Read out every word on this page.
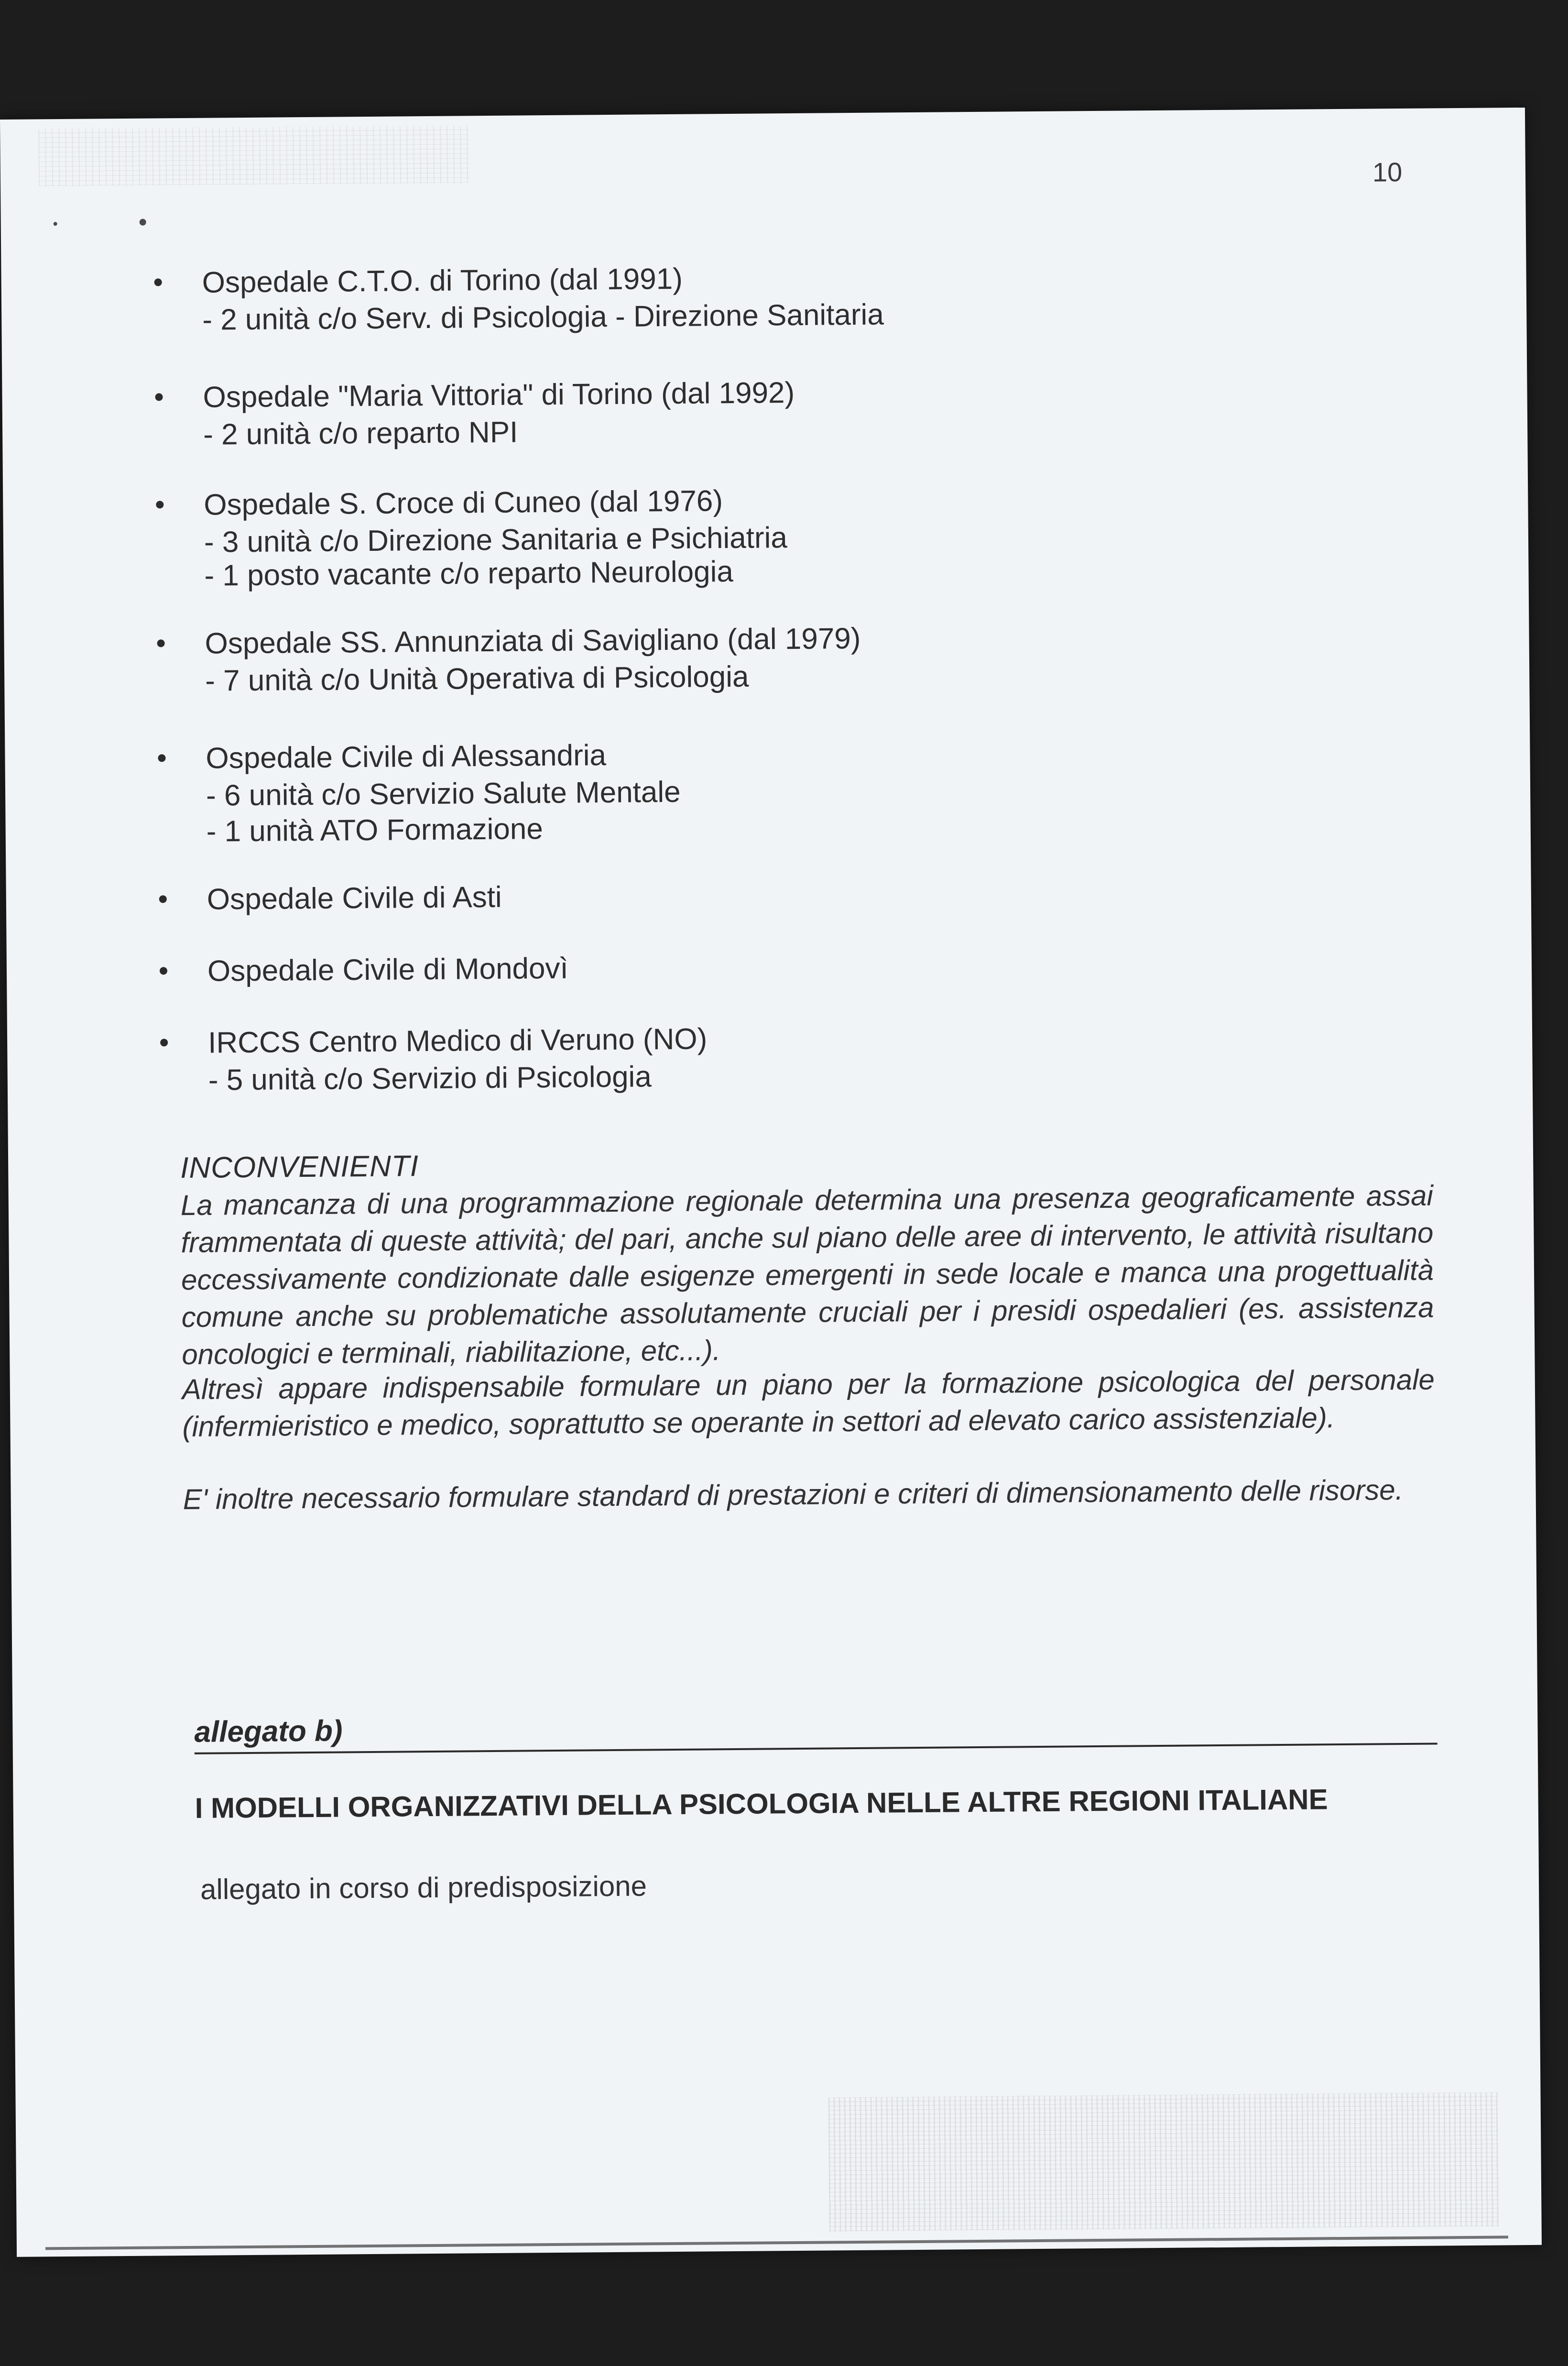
10
Ospedale C.T.O. di Torino (dal 1991)
- 2 unità c/o Serv. di Psicologia - Direzione Sanitaria
Ospedale "Maria Vittoria" di Torino (dal 1992)
- 2 unità c/o reparto NPI
Ospedale S. Croce di Cuneo (dal 1976)
- 3 unità c/o Direzione Sanitaria e Psichiatria
- 1 posto vacante c/o reparto Neurologia
Ospedale SS. Annunziata di Savigliano (dal 1979)
- 7 unità c/o Unità Operativa di Psicologia
Ospedale Civile di Alessandria
- 6 unità c/o Servizio Salute Mentale
- 1 unità ATO Formazione
Ospedale Civile di Asti
Ospedale Civile di Mondovì
IRCCS Centro Medico di Veruno (NO)
- 5 unità c/o Servizio di Psicologia
INCONVENIENTI
La mancanza di una programmazione regionale determina una presenza geograficamente assai frammentata di queste attività; del pari, anche sul piano delle aree di intervento, le attività risultano eccessivamente condizionate dalle esigenze emergenti in sede locale e manca una progettualità comune anche su problematiche assolutamente cruciali per i presidi ospedalieri (es. assistenza oncologici e terminali, riabilitazione, etc...).
Altresì appare indispensabile formulare un piano per la formazione psicologica del personale (infermieristico e medico, soprattutto se operante in settori ad elevato carico assistenziale).
E' inoltre necessario formulare standard di prestazioni e criteri di dimensionamento delle risorse.
allegato b)
I MODELLI ORGANIZZATIVI DELLA PSICOLOGIA NELLE ALTRE REGIONI ITALIANE
allegato in corso di predisposizione
